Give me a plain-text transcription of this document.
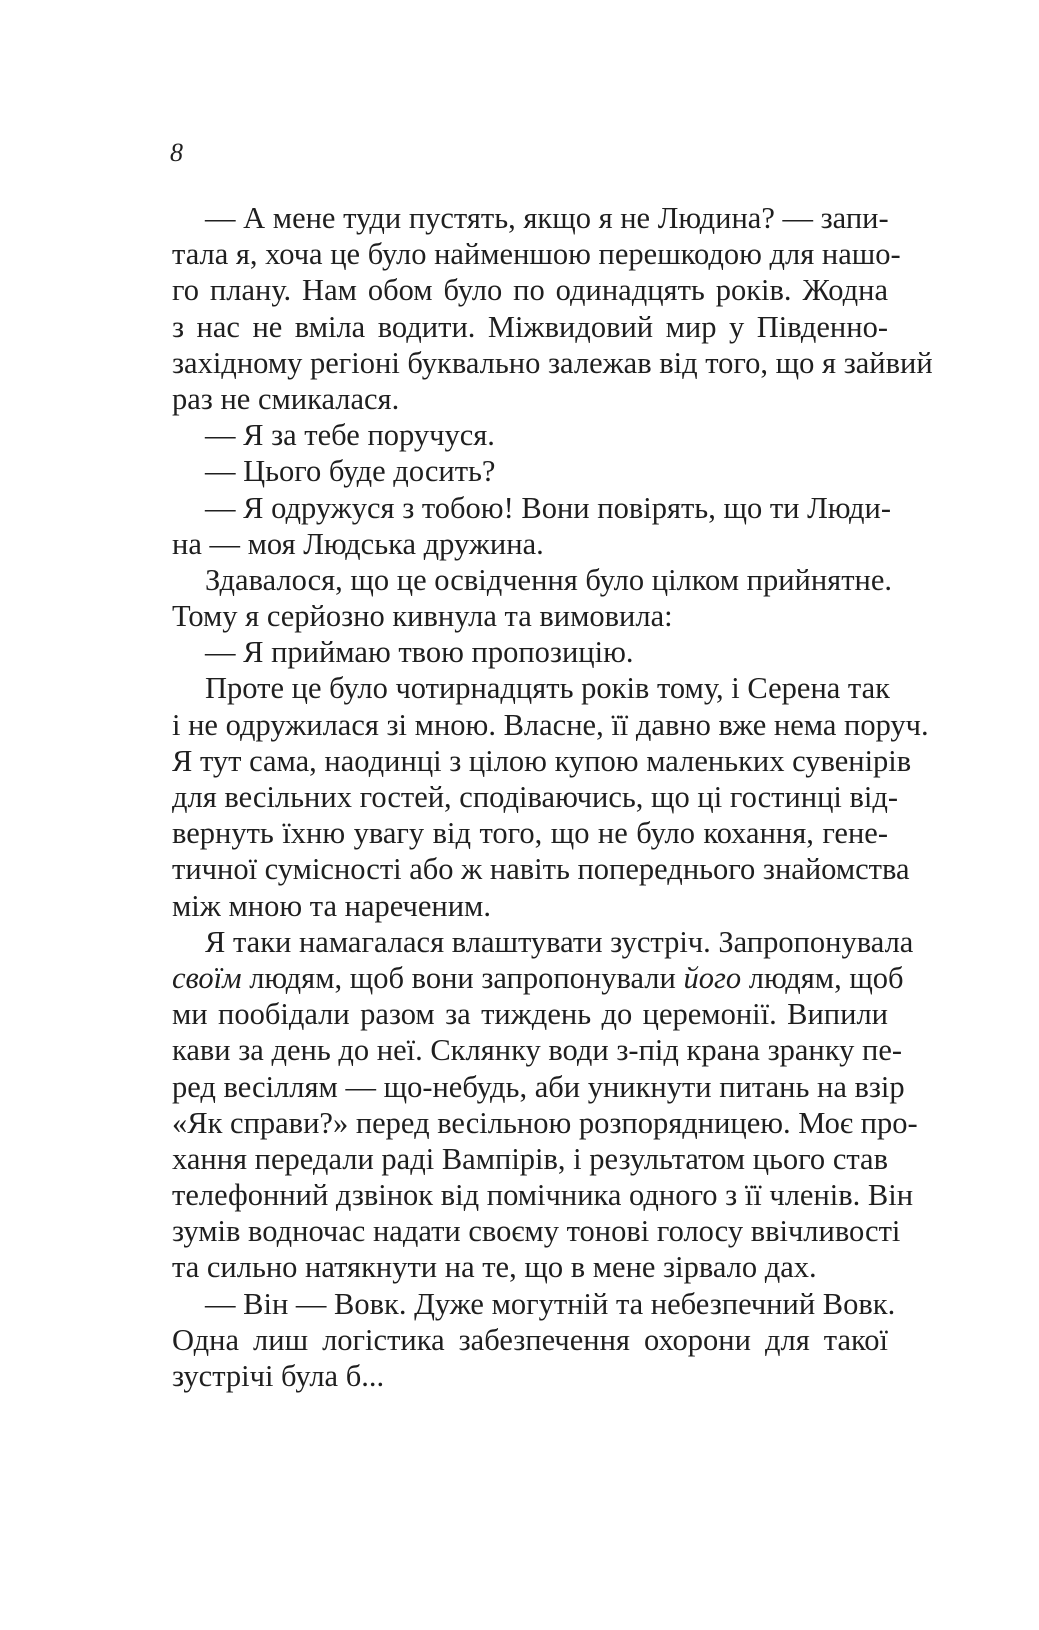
8
— А мене туди пустять, якщо я не Людина? — запи-
тала я, хоча це було найменшою перешкодою для нашо-
го плану. Нам обом було по одинадцять років. Жодна
з нас не вміла водити. Міжвидовий мир у Південно-
західному регіоні буквально залежав від того, що я зайвий
раз не смикалася.
— Я за тебе поручуся.
— Цього буде досить?
— Я одружуся з тобою! Вони повірять, що ти Люди-
на — моя Людська дружина.
Здавалося, що це освідчення було цілком прийнятне.
Тому я серйозно кивнула та вимовила:
— Я приймаю твою пропозицію.
Проте це було чотирнадцять років тому, і Серена так
і не одружилася зі мною. Власне, її давно вже нема поруч.
Я тут сама, наодинці з цілою купою маленьких сувенірів
для весільних гостей, сподіваючись, що ці гостинці від-
вернуть їхню увагу від того, що не було кохання, гене-
тичної сумісності або ж навіть попереднього знайомства
між мною та нареченим.
Я таки намагалася влаштувати зустріч. Запропонувала
своїм людям, щоб вони запропонували його людям, щоб
ми пообідали разом за тиждень до церемонії. Випили
кави за день до неї. Склянку води з-під крана зранку пе-
ред весіллям — що-небудь, аби уникнути питань на взір
«Як справи?» перед весільною розпорядницею. Моє про-
хання передали раді Вампірів, і результатом цього став
телефонний дзвінок від помічника одного з її членів. Він
зумів водночас надати своєму тонові голосу ввічливості
та сильно натякнути на те, що в мене зірвало дах.
— Він — Вовк. Дуже могутній та небезпечний Вовк.
Одна лиш логістика забезпечення охорони для такої
зустрічі була б...
